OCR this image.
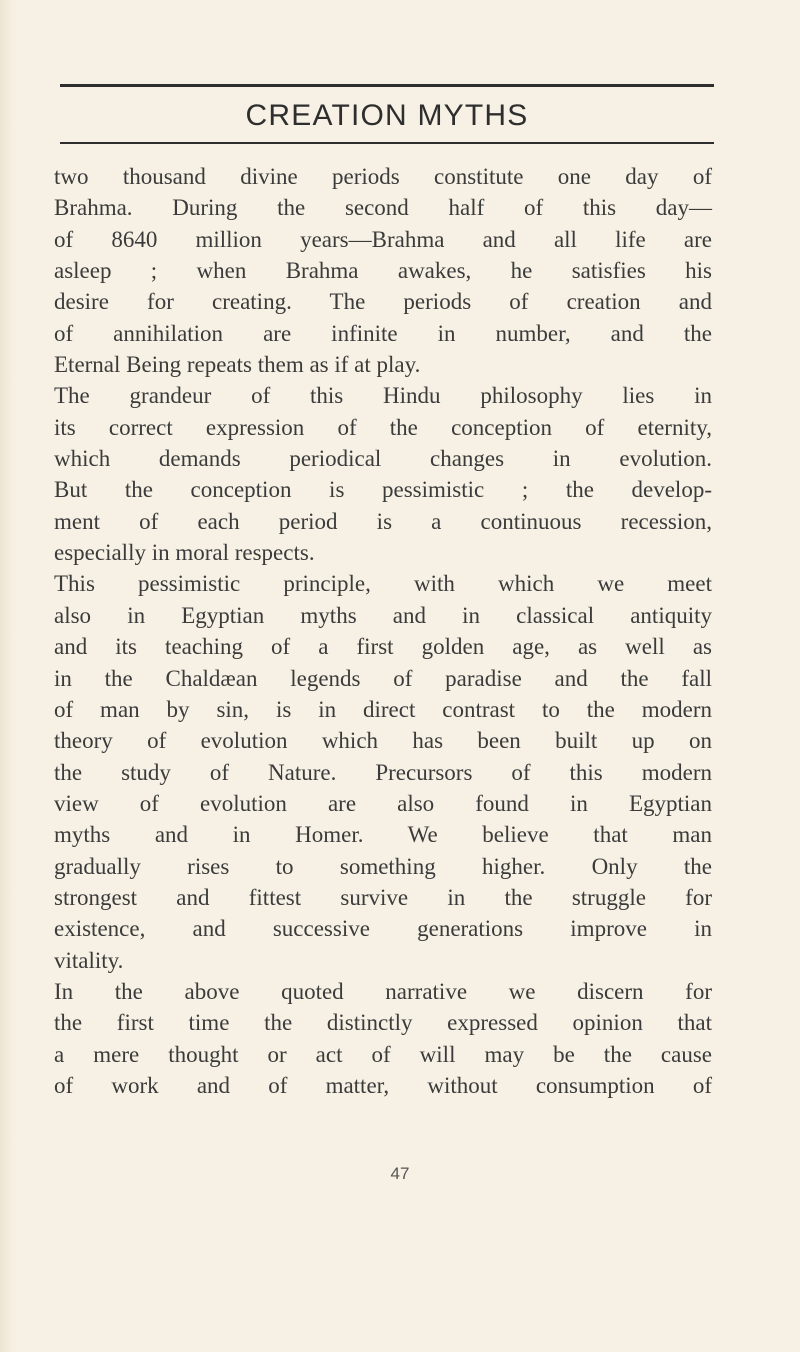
CREATION MYTHS
two thousand divine periods constitute one day of
Brahma. During the second half of this day—
of 8640 million years—Brahma and all life are
asleep ; when Brahma awakes, he satisfies his
desire for creating. The periods of creation and
of annihilation are infinite in number, and the
Eternal Being repeats them as if at play.
The grandeur of this Hindu philosophy lies in
its correct expression of the conception of eternity,
which demands periodical changes in evolution.
But the conception is pessimistic ; the develop-
ment of each period is a continuous recession,
especially in moral respects.
This pessimistic principle, with which we meet
also in Egyptian myths and in classical antiquity
and its teaching of a first golden age, as well as
in the Chaldæan legends of paradise and the fall
of man by sin, is in direct contrast to the modern
theory of evolution which has been built up on
the study of Nature. Precursors of this modern
view of evolution are also found in Egyptian
myths and in Homer. We believe that man
gradually rises to something higher. Only the
strongest and fittest survive in the struggle for
existence, and successive generations improve in
vitality.
In the above quoted narrative we discern for
the first time the distinctly expressed opinion that
a mere thought or act of will may be the cause
of work and of matter, without consumption of
47
